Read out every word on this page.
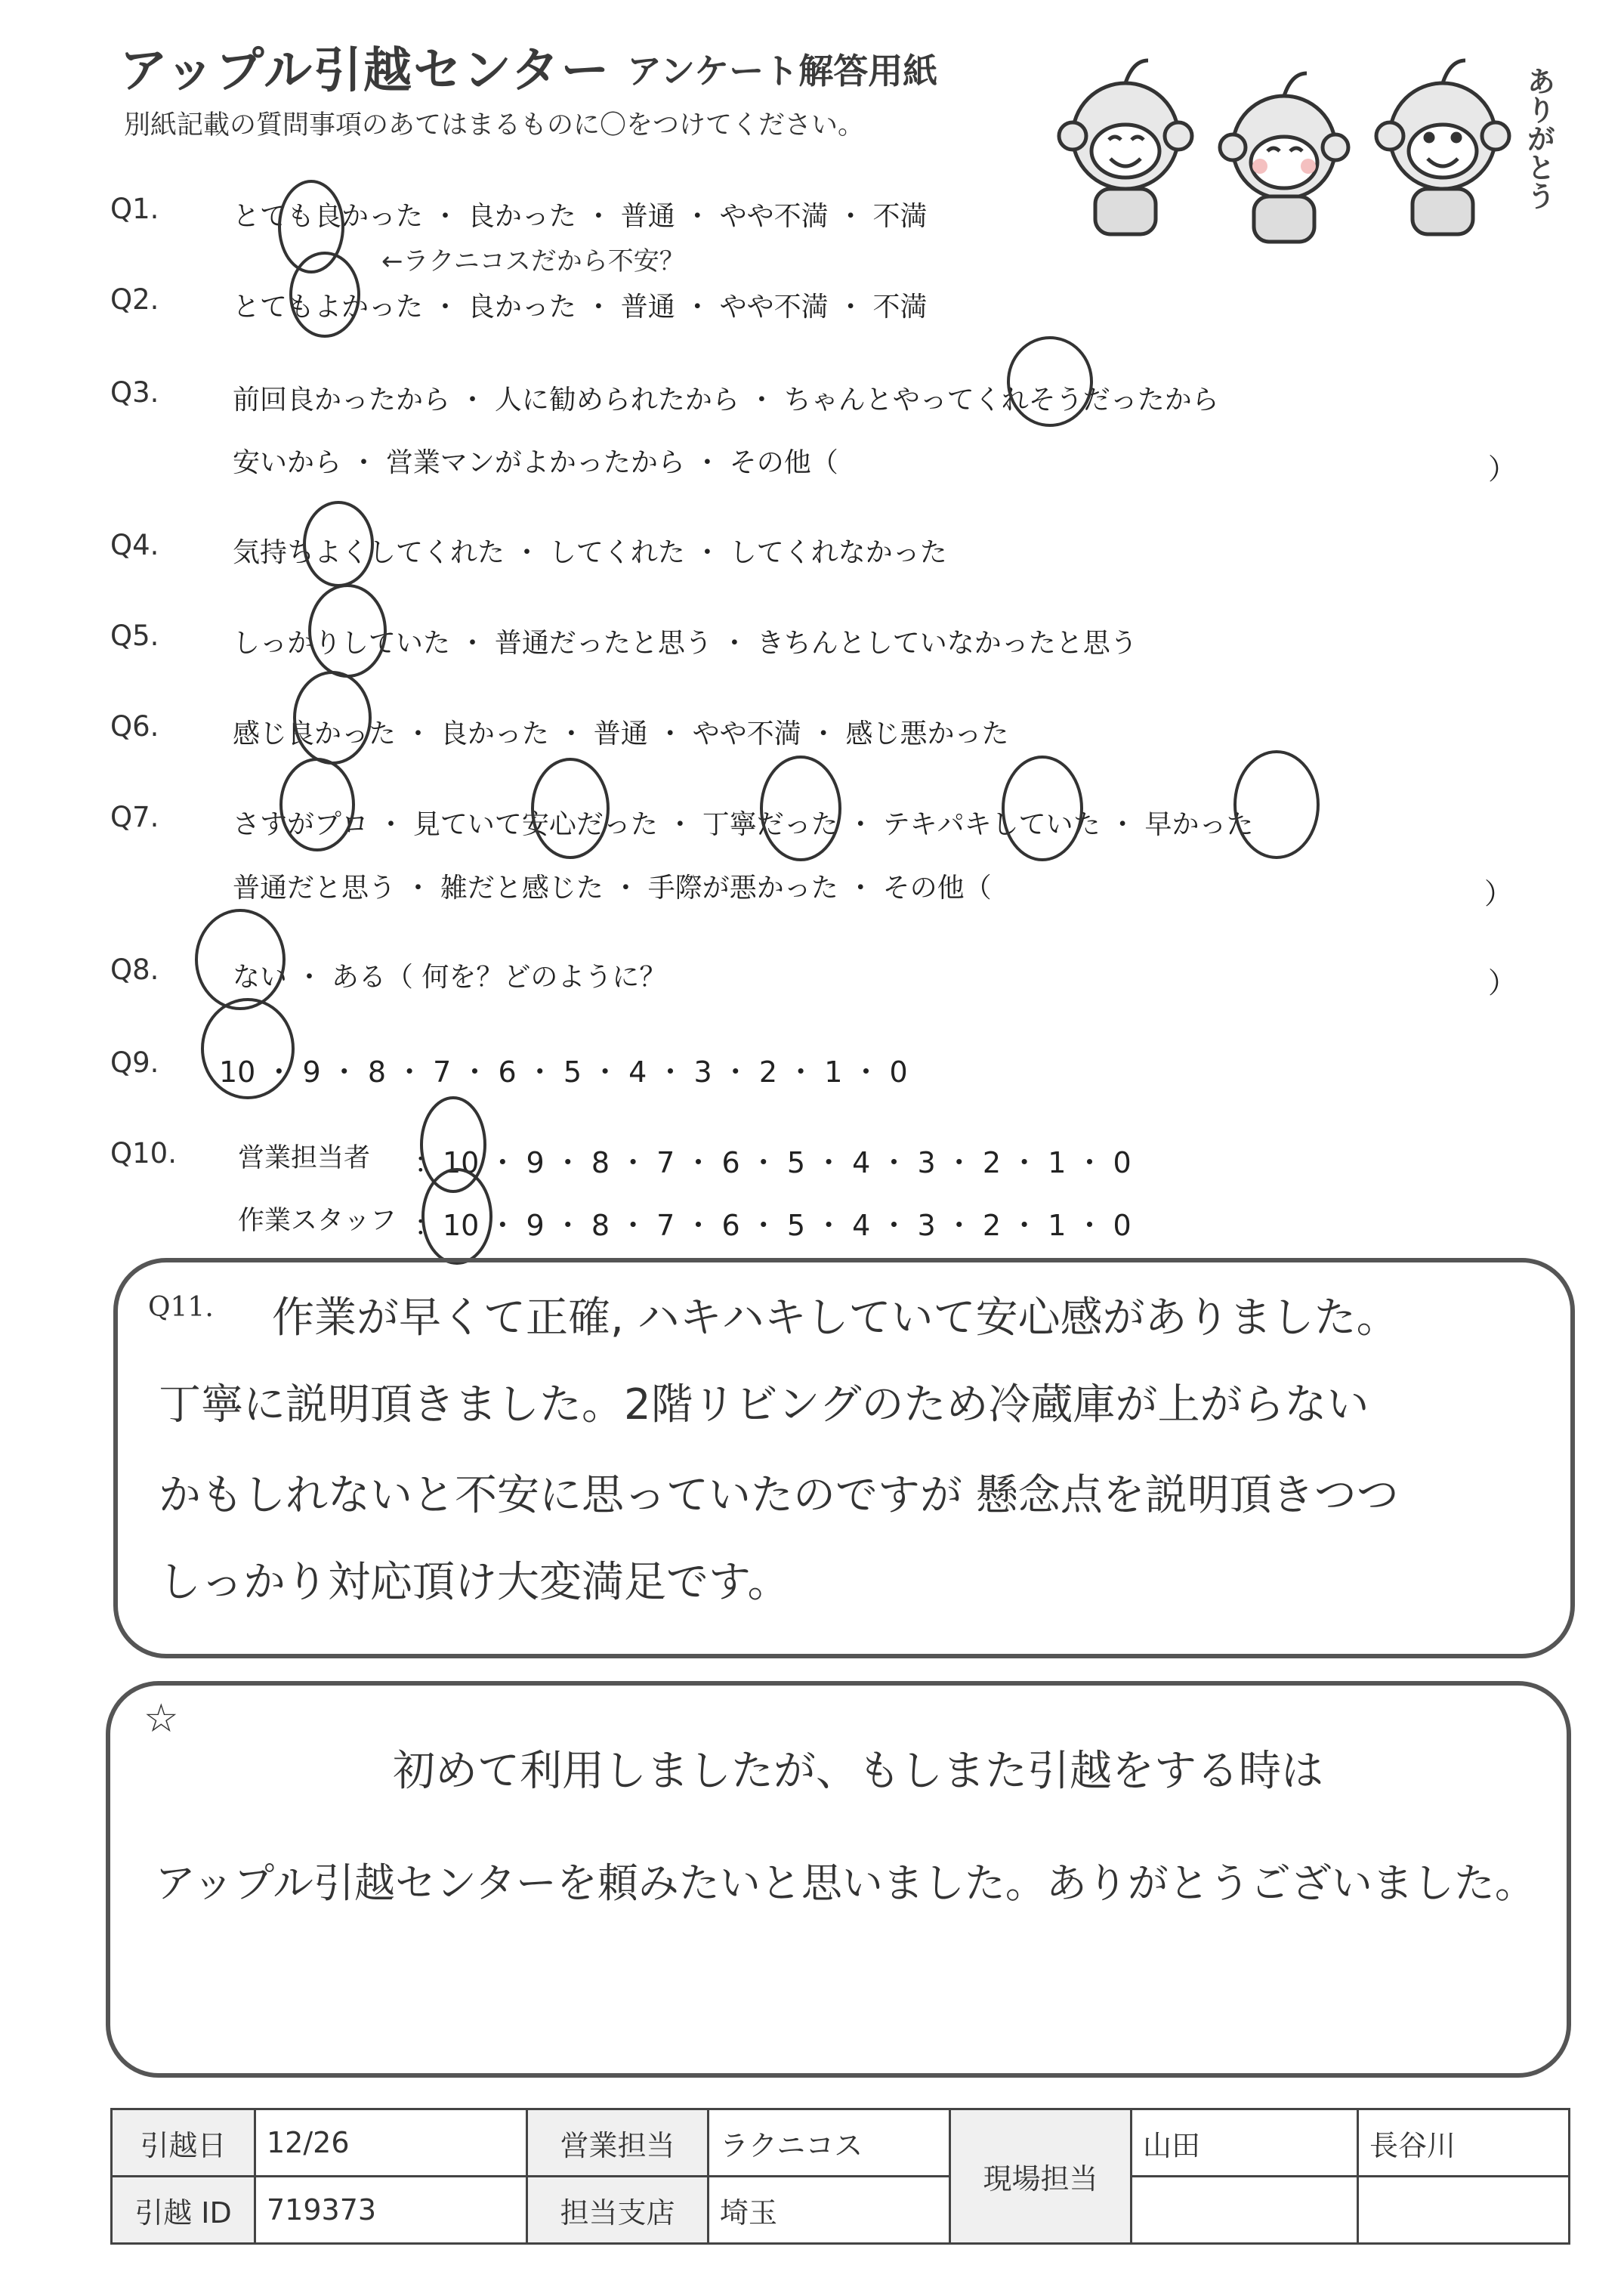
アップル引越センター アンケート解答用紙
別紙記載の質問事項のあてはまるものに〇をつけてください。	ありがとう
Q1.	とても良かった ・ 良かった ・ 普通 ・ やや不満 ・ 不満
Q2.	とてもよかった ・ 良かった ・ 普通 ・ やや不満 ・ 不満
←ラクニコスだから不安？
Q3.	前回良かったから ・ 人に勧められたから ・ ちゃんとやってくれそうだったから
安いから ・ 営業マンがよかったから ・ その他（	）
Q4.	気持ちよくしてくれた ・ してくれた ・ してくれなかった
Q5.	しっかりしていた ・ 普通だったと思う ・ きちんとしていなかったと思う
Q6.	感じ良かった ・ 良かった ・ 普通 ・ やや不満 ・ 感じ悪かった
Q7.	さすがプロ ・ 見ていて安心だった ・ 丁寧だった ・ テキパキしていた ・ 早かった
普通だと思う ・ 雑だと感じた ・ 手際が悪かった ・ その他（	）
Q8.	ない ・ ある（ 何を？どのように？	）
Q9. 10 ・ 9 ・ 8 ・ 7 ・ 6 ・ 5 ・ 4 ・ 3 ・ 2 ・ 1 ・ 0
Q10. 営業担当者 ：10 ・ 9 ・ 8 ・ 7 ・ 6 ・ 5 ・ 4 ・ 3 ・ 2 ・ 1 ・ 0
作業スタッフ ：10 ・ 9 ・ 8 ・ 7 ・ 6 ・ 5 ・ 4 ・ 3 ・ 2 ・ 1 ・ 0
Q11. 作業が早くて正確, ハキハキしていて安心感がありました。
丁寧に説明頂きました。2階リビングのため冷蔵庫が上がらない
かもしれないと不安に思っていたのですが 懸念点を説明頂きつつ
しっかり対応頂け大変満足です。
☆
初めて利用しましたが、もしまた引越をする時は
アップル引越センターを頼みたいと思いました。ありがとうございました。
引越日	12/26	営業担当	ラクニコス	現場担当	山田	長谷川
引越 ID	719373	担当支店	埼玉			
